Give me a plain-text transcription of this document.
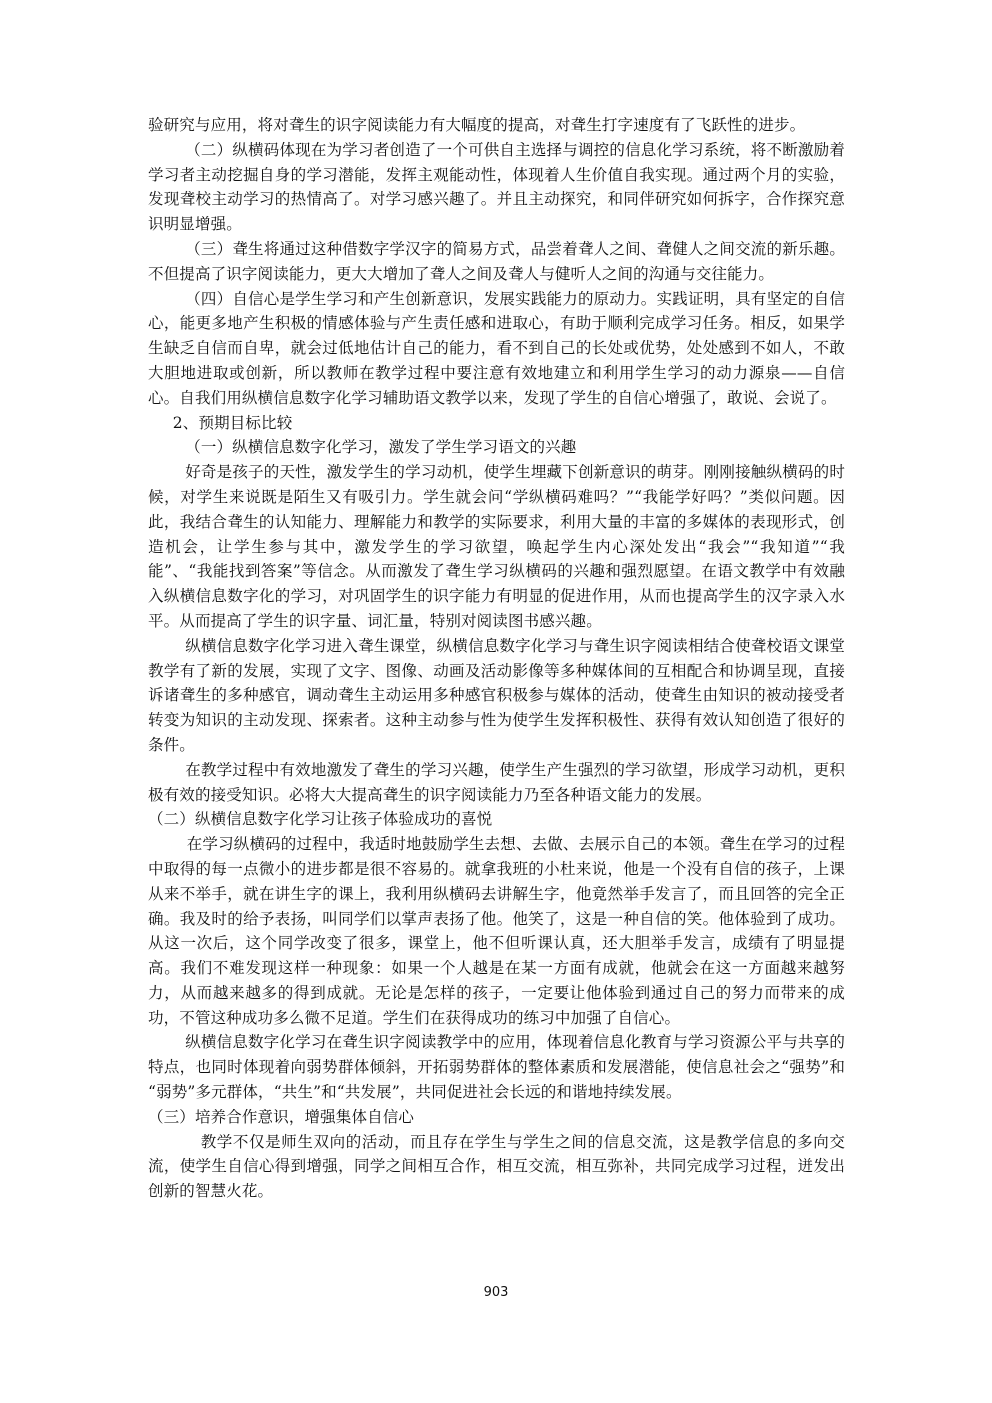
验研究与应用，将对聋生的识字阅读能力有大幅度的提高，对聋生打字速度有了飞跃性的进步。

（二）纵横码体现在为学习者创造了一个可供自主选择与调控的信息化学习系统，将不断激励着学习者主动挖掘自身的学习潜能，发挥主观能动性，体现着人生价值自我实现。通过两个月的实验，发现聋校主动学习的热情高了。对学习感兴趣了。并且主动探究，和同伴研究如何拆字，合作探究意识明显增强。

（三）聋生将通过这种借数字学汉字的简易方式，品尝着聋人之间、聋健人之间交流的新乐趣。不但提高了识字阅读能力，更大大增加了聋人之间及聋人与健听人之间的沟通与交往能力。

（四）自信心是学生学习和产生创新意识，发展实践能力的原动力。实践证明，具有坚定的自信心，能更多地产生积极的情感体验与产生责任感和进取心，有助于顺利完成学习任务。相反，如果学生缺乏自信而自卑，就会过低地估计自己的能力，看不到自己的长处或优势，处处感到不如人，不敢大胆地进取或创新，所以教师在教学过程中要注意有效地建立和利用学生学习的动力源泉——自信心。自我们用纵横信息数字化学习辅助语文教学以来，发现了学生的自信心增强了，敢说、会说了。

2、预期目标比较

（一）纵横信息数字化学习，激发了学生学习语文的兴趣

好奇是孩子的天性，激发学生的学习动机，使学生埋藏下创新意识的萌芽。刚刚接触纵横码的时候，对学生来说既是陌生又有吸引力。学生就会问“学纵横码难吗？”“我能学好吗？”类似问题。因此，我结合聋生的认知能力、理解能力和教学的实际要求，利用大量的丰富的多媒体的表现形式，创造机会，让学生参与其中，激发学生的学习欲望，唤起学生内心深处发出“我会”“我知道”“我能”、“我能找到答案”等信念。从而激发了聋生学习纵横码的兴趣和强烈愿望。在语文教学中有效融入纵横信息数字化的学习，对巩固学生的识字能力有明显的促进作用，从而也提高学生的汉字录入水平。从而提高了学生的识字量、词汇量，特别对阅读图书感兴趣。

纵横信息数字化学习进入聋生课堂，纵横信息数字化学习与聋生识字阅读相结合使聋校语文课堂教学有了新的发展，实现了文字、图像、动画及活动影像等多种媒体间的互相配合和协调呈现，直接诉诸聋生的多种感官，调动聋生主动运用多种感官积极参与媒体的活动，使聋生由知识的被动接受者转变为知识的主动发现、探索者。这种主动参与性为使学生发挥积极性、获得有效认知创造了很好的条件。

在教学过程中有效地激发了聋生的学习兴趣，使学生产生强烈的学习欲望，形成学习动机，更积极有效的接受知识。必将大大提高聋生的识字阅读能力乃至各种语文能力的发展。

（二）纵横信息数字化学习让孩子体验成功的喜悦

在学习纵横码的过程中，我适时地鼓励学生去想、去做、去展示自己的本领。聋生在学习的过程中取得的每一点微小的进步都是很不容易的。就拿我班的小杜来说，他是一个没有自信的孩子，上课从来不举手，就在讲生字的课上，我利用纵横码去讲解生字，他竟然举手发言了，而且回答的完全正确。我及时的给予表扬，叫同学们以掌声表扬了他。他笑了，这是一种自信的笑。他体验到了成功。从这一次后，这个同学改变了很多，课堂上，他不但听课认真，还大胆举手发言，成绩有了明显提高。我们不难发现这样一种现象：如果一个人越是在某一方面有成就，他就会在这一方面越来越努力，从而越来越多的得到成就。无论是怎样的孩子，一定要让他体验到通过自己的努力而带来的成功，不管这种成功多么微不足道。学生们在获得成功的练习中加强了自信心。

纵横信息数字化学习在聋生识字阅读教学中的应用，体现着信息化教育与学习资源公平与共享的特点，也同时体现着向弱势群体倾斜，开拓弱势群体的整体素质和发展潜能，使信息社会之“强势”和 “弱势”多元群体，“共生”和“共发展”，共同促进社会长远的和谐地持续发展。

（三）培养合作意识，增强集体自信心

教学不仅是师生双向的活动，而且存在学生与学生之间的信息交流，这是教学信息的多向交流，使学生自信心得到增强，同学之间相互合作，相互交流，相互弥补，共同完成学习过程，迸发出创新的智慧火花。

903
